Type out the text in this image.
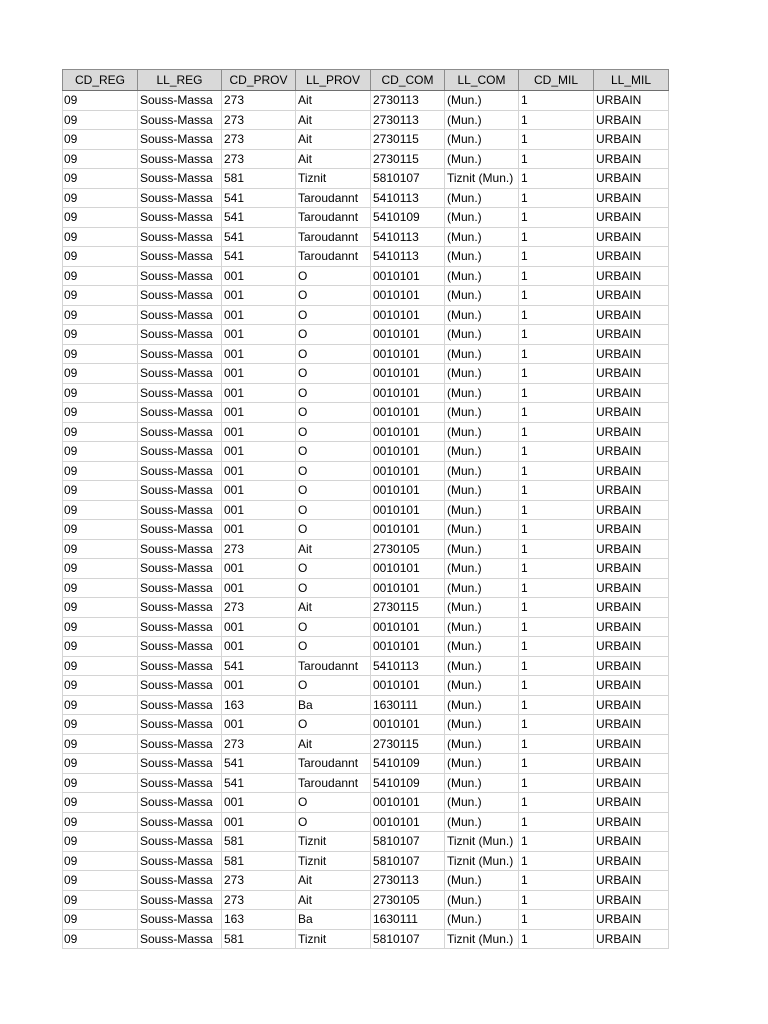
CD_REG	LL_REG	CD_PROV	LL_PROV	CD_COM	LL_COM	CD_MIL	LL_MIL
09	Souss-Massa	273	Ait	2730113	(Mun.)	1	URBAIN
09	Souss-Massa	273	Ait	2730113	(Mun.)	1	URBAIN
09	Souss-Massa	273	Ait	2730115	(Mun.)	1	URBAIN
09	Souss-Massa	273	Ait	2730115	(Mun.)	1	URBAIN
09	Souss-Massa	581	Tiznit	5810107	Tiznit (Mun.)	1	URBAIN
09	Souss-Massa	541	Taroudannt	5410113	(Mun.)	1	URBAIN
09	Souss-Massa	541	Taroudannt	5410109	(Mun.)	1	URBAIN
09	Souss-Massa	541	Taroudannt	5410113	(Mun.)	1	URBAIN
09	Souss-Massa	541	Taroudannt	5410113	(Mun.)	1	URBAIN
09	Souss-Massa	001	O	0010101	(Mun.)	1	URBAIN
09	Souss-Massa	001	O	0010101	(Mun.)	1	URBAIN
09	Souss-Massa	001	O	0010101	(Mun.)	1	URBAIN
09	Souss-Massa	001	O	0010101	(Mun.)	1	URBAIN
09	Souss-Massa	001	O	0010101	(Mun.)	1	URBAIN
09	Souss-Massa	001	O	0010101	(Mun.)	1	URBAIN
09	Souss-Massa	001	O	0010101	(Mun.)	1	URBAIN
09	Souss-Massa	001	O	0010101	(Mun.)	1	URBAIN
09	Souss-Massa	001	O	0010101	(Mun.)	1	URBAIN
09	Souss-Massa	001	O	0010101	(Mun.)	1	URBAIN
09	Souss-Massa	001	O	0010101	(Mun.)	1	URBAIN
09	Souss-Massa	001	O	0010101	(Mun.)	1	URBAIN
09	Souss-Massa	001	O	0010101	(Mun.)	1	URBAIN
09	Souss-Massa	001	O	0010101	(Mun.)	1	URBAIN
09	Souss-Massa	273	Ait	2730105	(Mun.)	1	URBAIN
09	Souss-Massa	001	O	0010101	(Mun.)	1	URBAIN
09	Souss-Massa	001	O	0010101	(Mun.)	1	URBAIN
09	Souss-Massa	273	Ait	2730115	(Mun.)	1	URBAIN
09	Souss-Massa	001	O	0010101	(Mun.)	1	URBAIN
09	Souss-Massa	001	O	0010101	(Mun.)	1	URBAIN
09	Souss-Massa	541	Taroudannt	5410113	(Mun.)	1	URBAIN
09	Souss-Massa	001	O	0010101	(Mun.)	1	URBAIN
09	Souss-Massa	163	Ba	1630111	(Mun.)	1	URBAIN
09	Souss-Massa	001	O	0010101	(Mun.)	1	URBAIN
09	Souss-Massa	273	Ait	2730115	(Mun.)	1	URBAIN
09	Souss-Massa	541	Taroudannt	5410109	(Mun.)	1	URBAIN
09	Souss-Massa	541	Taroudannt	5410109	(Mun.)	1	URBAIN
09	Souss-Massa	001	O	0010101	(Mun.)	1	URBAIN
09	Souss-Massa	001	O	0010101	(Mun.)	1	URBAIN
09	Souss-Massa	581	Tiznit	5810107	Tiznit (Mun.)	1	URBAIN
09	Souss-Massa	581	Tiznit	5810107	Tiznit (Mun.)	1	URBAIN
09	Souss-Massa	273	Ait	2730113	(Mun.)	1	URBAIN
09	Souss-Massa	273	Ait	2730105	(Mun.)	1	URBAIN
09	Souss-Massa	163	Ba	1630111	(Mun.)	1	URBAIN
09	Souss-Massa	581	Tiznit	5810107	Tiznit (Mun.)	1	URBAIN
